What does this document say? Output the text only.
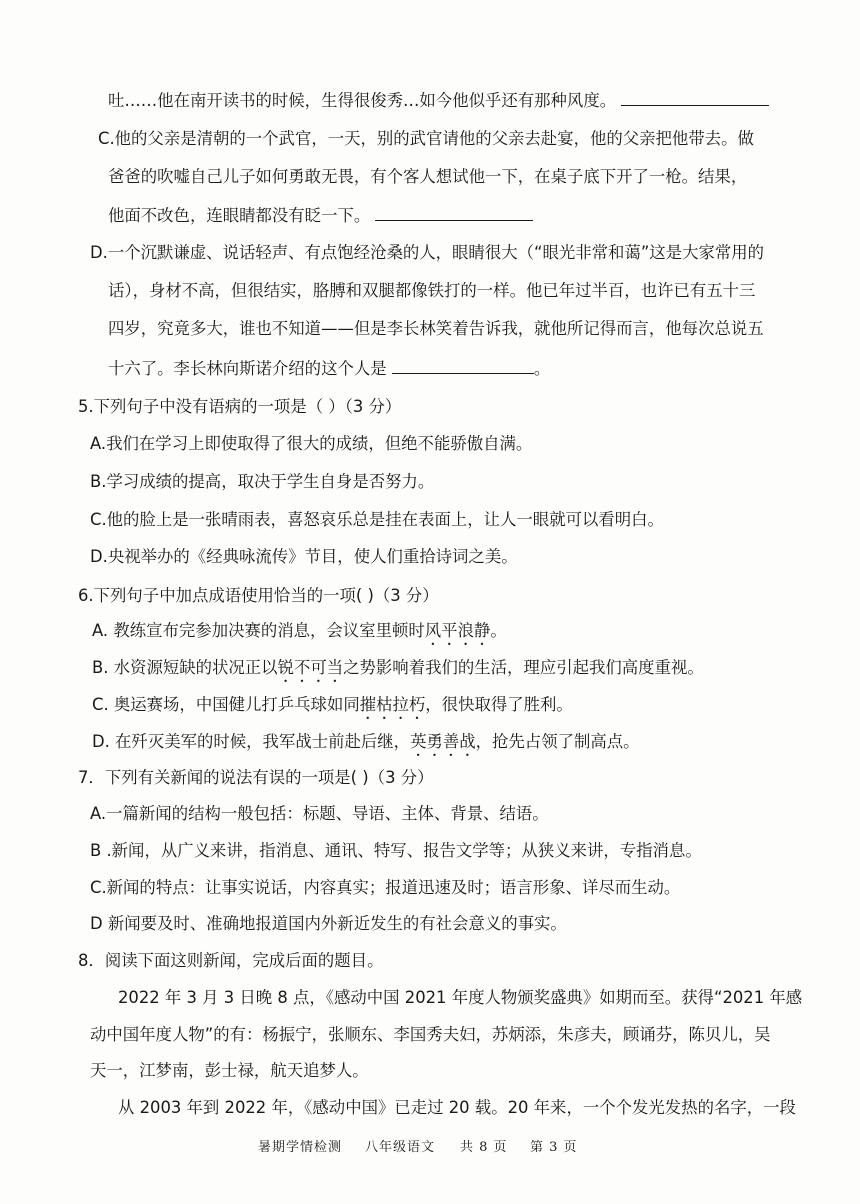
吐……他在南开读书的时候，生得很俊秀…如今他似乎还有那种风度。
C.他的父亲是清朝的一个武官，一天，别的武官请他的父亲去赴宴，他的父亲把他带去。做
爸爸的吹嘘自己儿子如何勇敢无畏，有个客人想试他一下，在桌子底下开了一枪。结果，
他面不改色，连眼睛都没有眨一下。
D.一个沉默谦虚、说话轻声、有点饱经沧桑的人，眼睛很大（“眼光非常和蔼”这是大家常用的
话），身材不高，但很结实，胳膊和双腿都像铁打的一样。他已年过半百，也许已有五十三
四岁，究竟多大，谁也不知道——但是李长林笑着告诉我，就他所记得而言，他每次总说五
十六了。李长林向斯诺介绍的这个人是	。
5.下列句子中没有语病的一项是（ ）（3 分）
A.我们在学习上即使取得了很大的成绩，但绝不能骄傲自满。
B.学习成绩的提高，取决于学生自身是否努力。
C.他的脸上是一张晴雨表，喜怒哀乐总是挂在表面上，让人一眼就可以看明白。
D.央视举办的《经典咏流传》节目，使人们重拾诗词之美。
6.下列句子中加点成语使用恰当的一项( )（3 分）
A. 教练宣布完参加决赛的消息，会议室里顿时风平浪静。
B. 水资源短缺的状况正以锐不可当之势影响着我们的生活，理应引起我们高度重视。
C. 奥运赛场，中国健儿打乒乓球如同摧枯拉朽，很快取得了胜利。
D. 在歼灭美军的时候，我军战士前赴后继，英勇善战，抢先占领了制高点。
7．下列有关新闻的说法有误的一项是( )（3 分）
A.一篇新闻的结构一般包括：标题、导语、主体、背景、结语。
B .新闻，从广义来讲，指消息、通讯、特写、报告文学等；从狭义来讲，专指消息。
C.新闻的特点：让事实说话，内容真实；报道迅速及时；语言形象、详尽而生动。
D 新闻要及时、准确地报道国内外新近发生的有社会意义的事实。
8．阅读下面这则新闻，完成后面的题目。
2022 年 3 月 3 日晚 8 点，《感动中国 2021 年度人物颁奖盛典》如期而至。获得“2021 年感
动中国年度人物”的有：杨振宁，张顺东、李国秀夫妇，苏炳添，朱彦夫，顾诵芬，陈贝儿，吴
天一，江梦南，彭士禄，航天追梦人。
从 2003 年到 2022 年，《感动中国》已走过 20 载。20 年来，一个个发光发热的名字，一段
暑期学情检测 八年级语文 共 8 页 第 3 页
